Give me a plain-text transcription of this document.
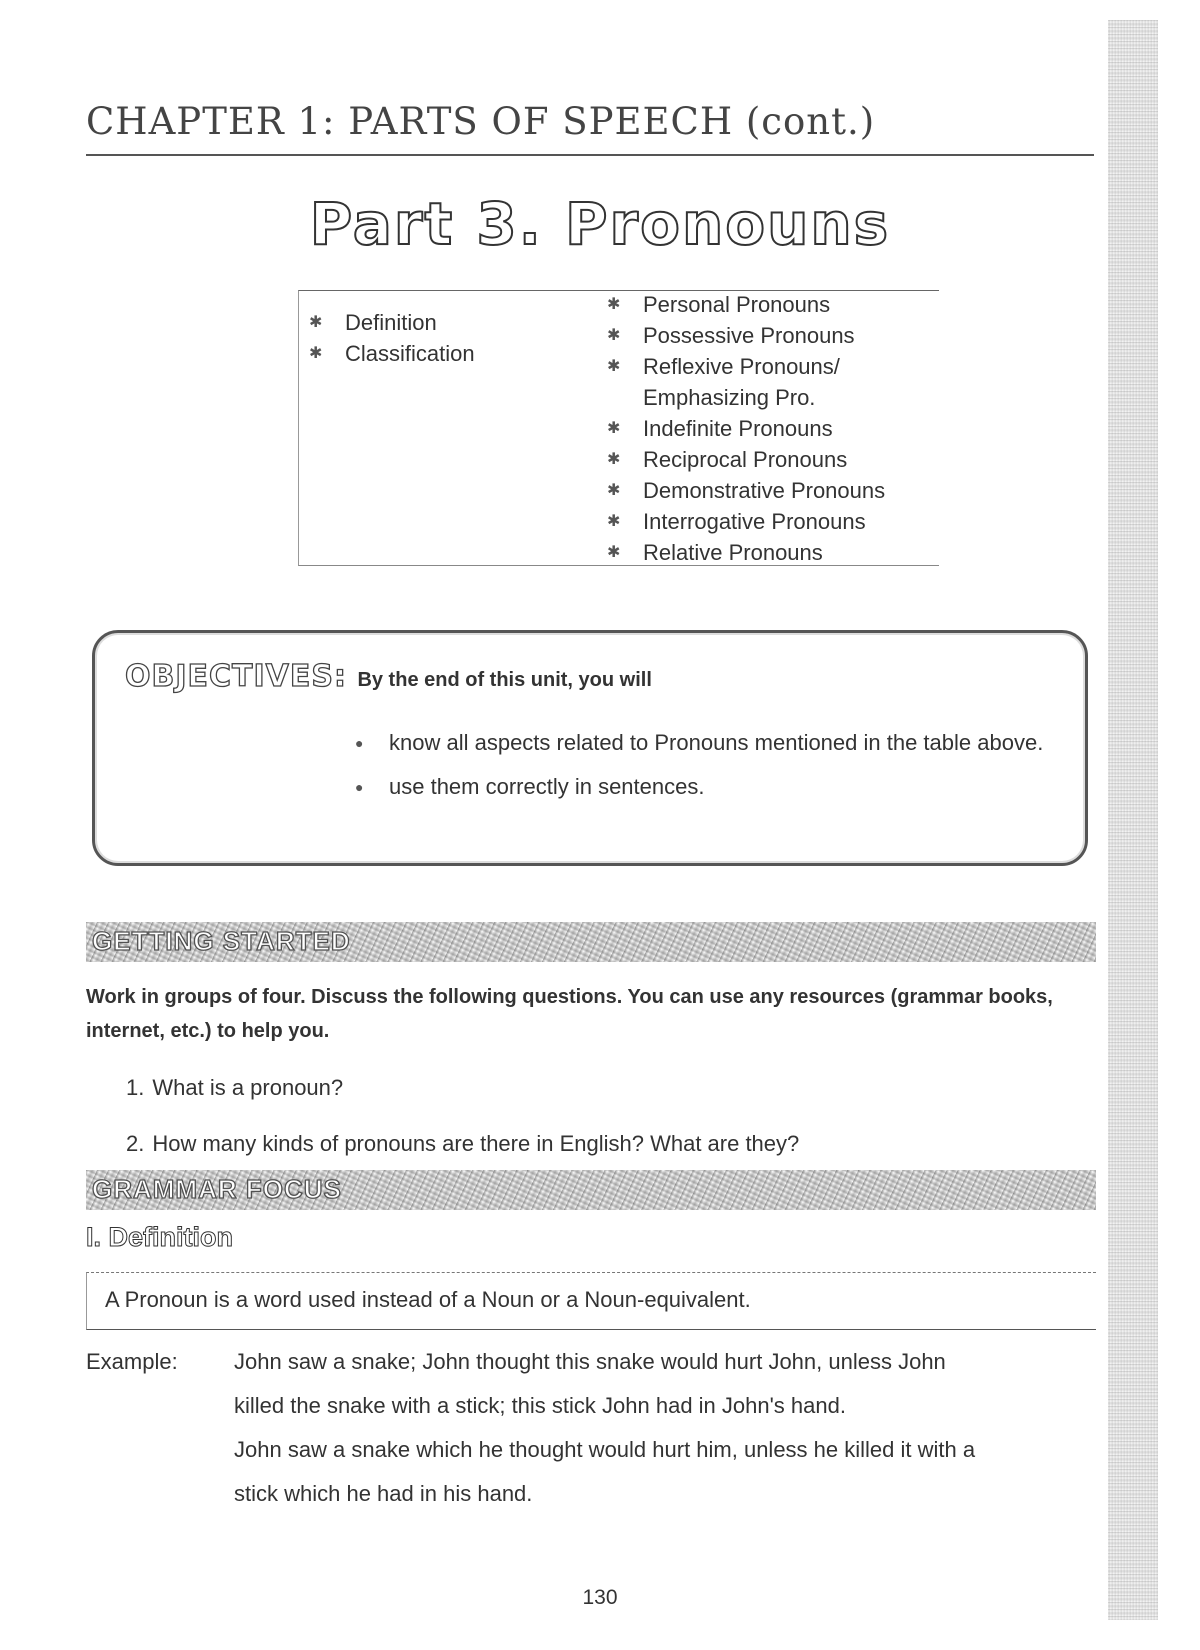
CHAPTER 1: PARTS OF SPEECH (cont.)
Part 3. Pronouns
✱ Definition
✱ Classification
✱ Personal Pronouns
✱ Possessive Pronouns
✱ Reflexive Pronouns/
Emphasizing Pro.
✱ Indefinite Pronouns
✱ Reciprocal Pronouns
✱ Demonstrative Pronouns
✱ Interrogative Pronouns
✱ Relative Pronouns
OBJECTIVES: By the end of this unit, you will
● know all aspects related to Pronouns mentioned in the table above.
● use them correctly in sentences.
GETTING STARTED

Work in groups of four. Discuss the following questions. You can use any resources (grammar books, internet, etc.) to help you.

1. What is a pronoun?
2. How many kinds of pronouns are there in English? What are they?
GRAMMAR FOCUS
I. Definition
A Pronoun is a word used instead of a Noun or a Noun-equivalent.
Example:	John saw a snake; John thought this snake would hurt John, unless John
killed the snake with a stick; this stick John had in John's hand.
John saw a snake which he thought would hurt him, unless he killed it with a
stick which he had in his hand.

130
